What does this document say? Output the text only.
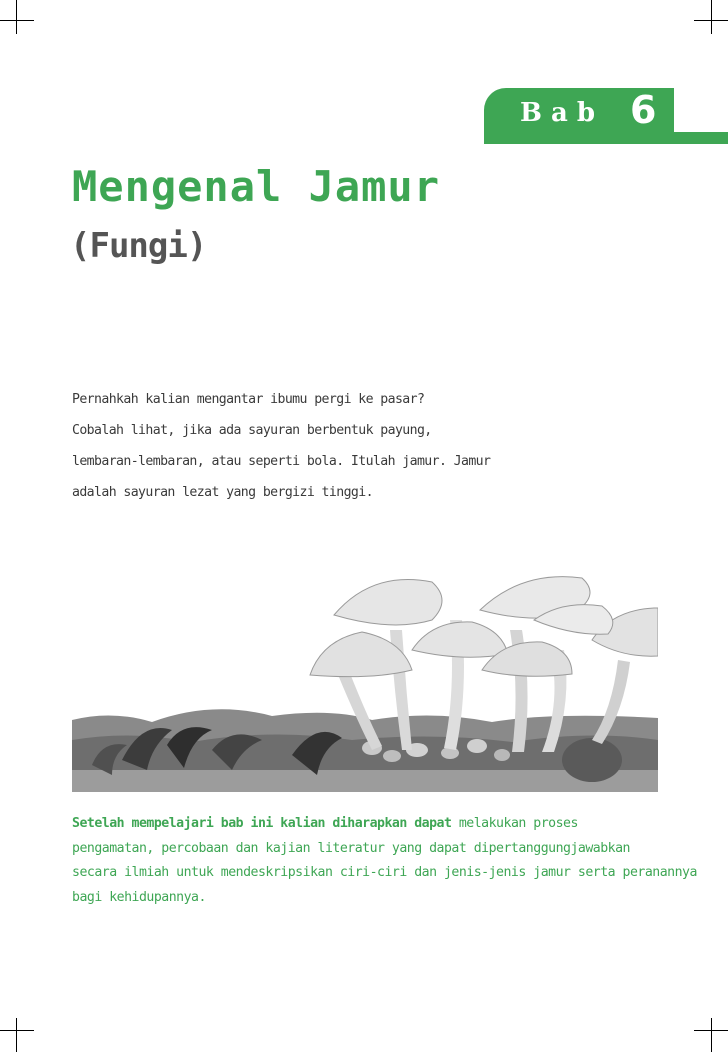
Bab 6
Mengenal Jamur
(Fungi)

Pernahkah kalian mengantar ibumu pergi ke pasar?

Cobalah lihat, jika ada sayuran berbentuk payung,

lembaran-lembaran, atau seperti bola. Itulah jamur. Jamur

adalah sayuran lezat yang bergizi tinggi.

Setelah mempelajari bab ini kalian diharapkan dapat melakukan proses

pengamatan, percobaan dan kajian literatur yang dapat dipertanggungjawabkan

secara ilmiah untuk mendeskripsikan ciri-ciri dan jenis-jenis jamur serta peranannya

bagi kehidupannya.
